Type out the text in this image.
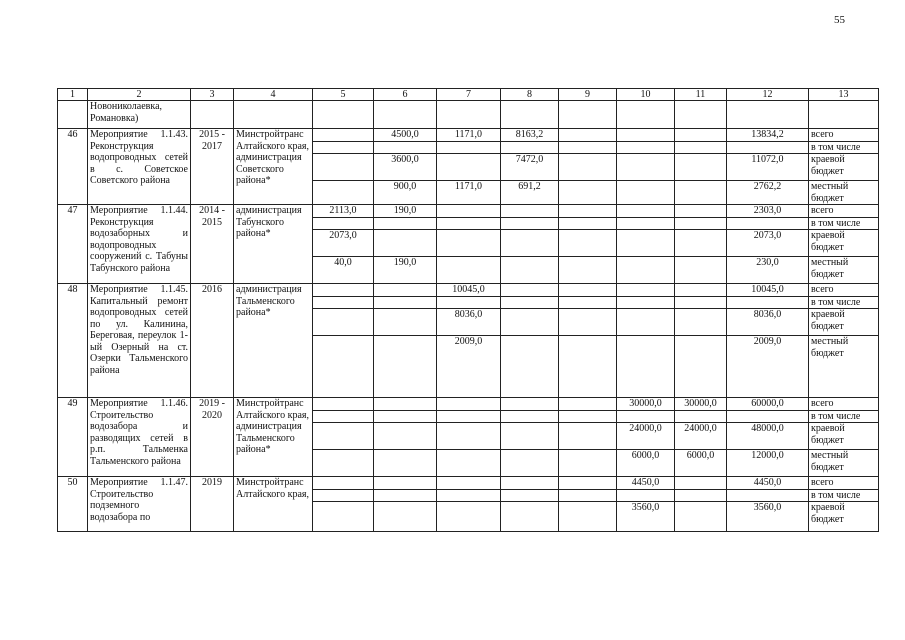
55
1	2	3	4	5	6	7	8	9	10	11	12	13
	Новониколаевка, Романовка)											
46	Мероприятие 1.1.43. Реконструкция водопроводных сетей в с. Советское Советского района	2015 - 2017	Минстройтранс Алтайского края, администрация Советского района*		4500,0	1171,0	8163,2				13834,2	всего
												в том числе
					3600,0		7472,0				11072,0	краевой бюджет
					900,0	1171,0	691,2				2762,2	местный бюджет
47	Мероприятие 1.1.44. Реконструкция водозаборных и водопроводных сооружений с. Табуны Табунского района	2014 - 2015	администрация Табунского района*	2113,0	190,0						2303,0	всего
												в том числе
				2073,0							2073,0	краевой бюджет
				40,0	190,0						230,0	местный бюджет
48	Мероприятие 1.1.45. Капитальный ремонт водопроводных сетей по ул. Калинина, Береговая, переулок 1-ый Озерный на ст. Озерки Тальменского района	2016	администрация Тальменского района*			10045,0					10045,0	всего
												в том числе
						8036,0					8036,0	краевой бюджет
						2009,0					2009,0	местный бюджет
49	Мероприятие 1.1.46. Строительство водозабора и разводящих сетей в р.п. Тальменка Тальменского района	2019 - 2020	Минстройтранс Алтайского края, администрация Тальменского района*						30000,0	30000,0	60000,0	всего
												в том числе
									24000,0	24000,0	48000,0	краевой бюджет
									6000,0	6000,0	12000,0	местный бюджет
50	Мероприятие 1.1.47. Строительство подземного водозабора по	2019	Минстройтранс Алтайского края,						4450,0		4450,0	всего
												в том числе
									3560,0		3560,0	краевой бюджет
